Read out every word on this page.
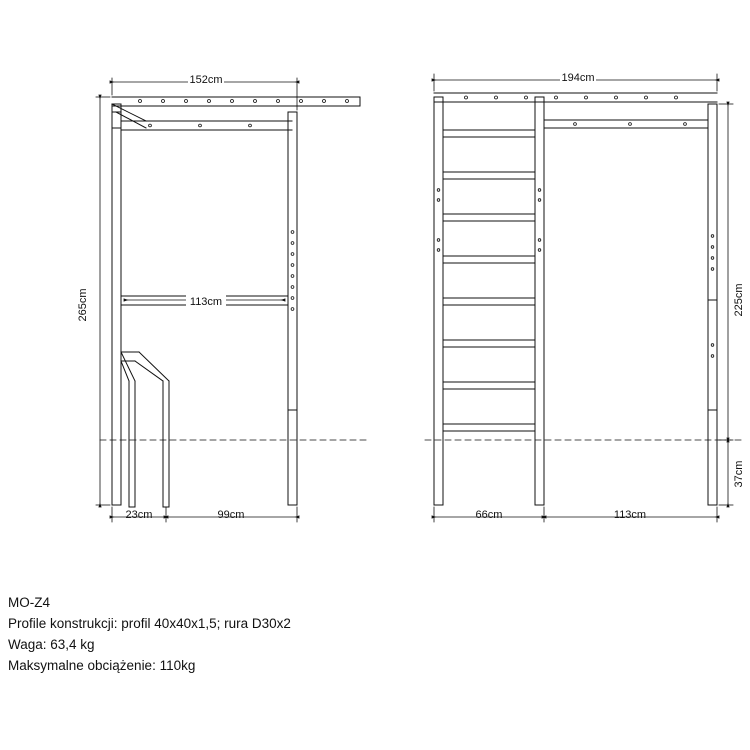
152cm
265cm	113cm
23cm	99cm
194cm
225cm
37cm
66cm	113cm
MO-Z4
Profile konstrukcji: profil 40x40x1,5; rura D30x2
Waga: 63,4 kg
Maksymalne obciążenie: 110kg
